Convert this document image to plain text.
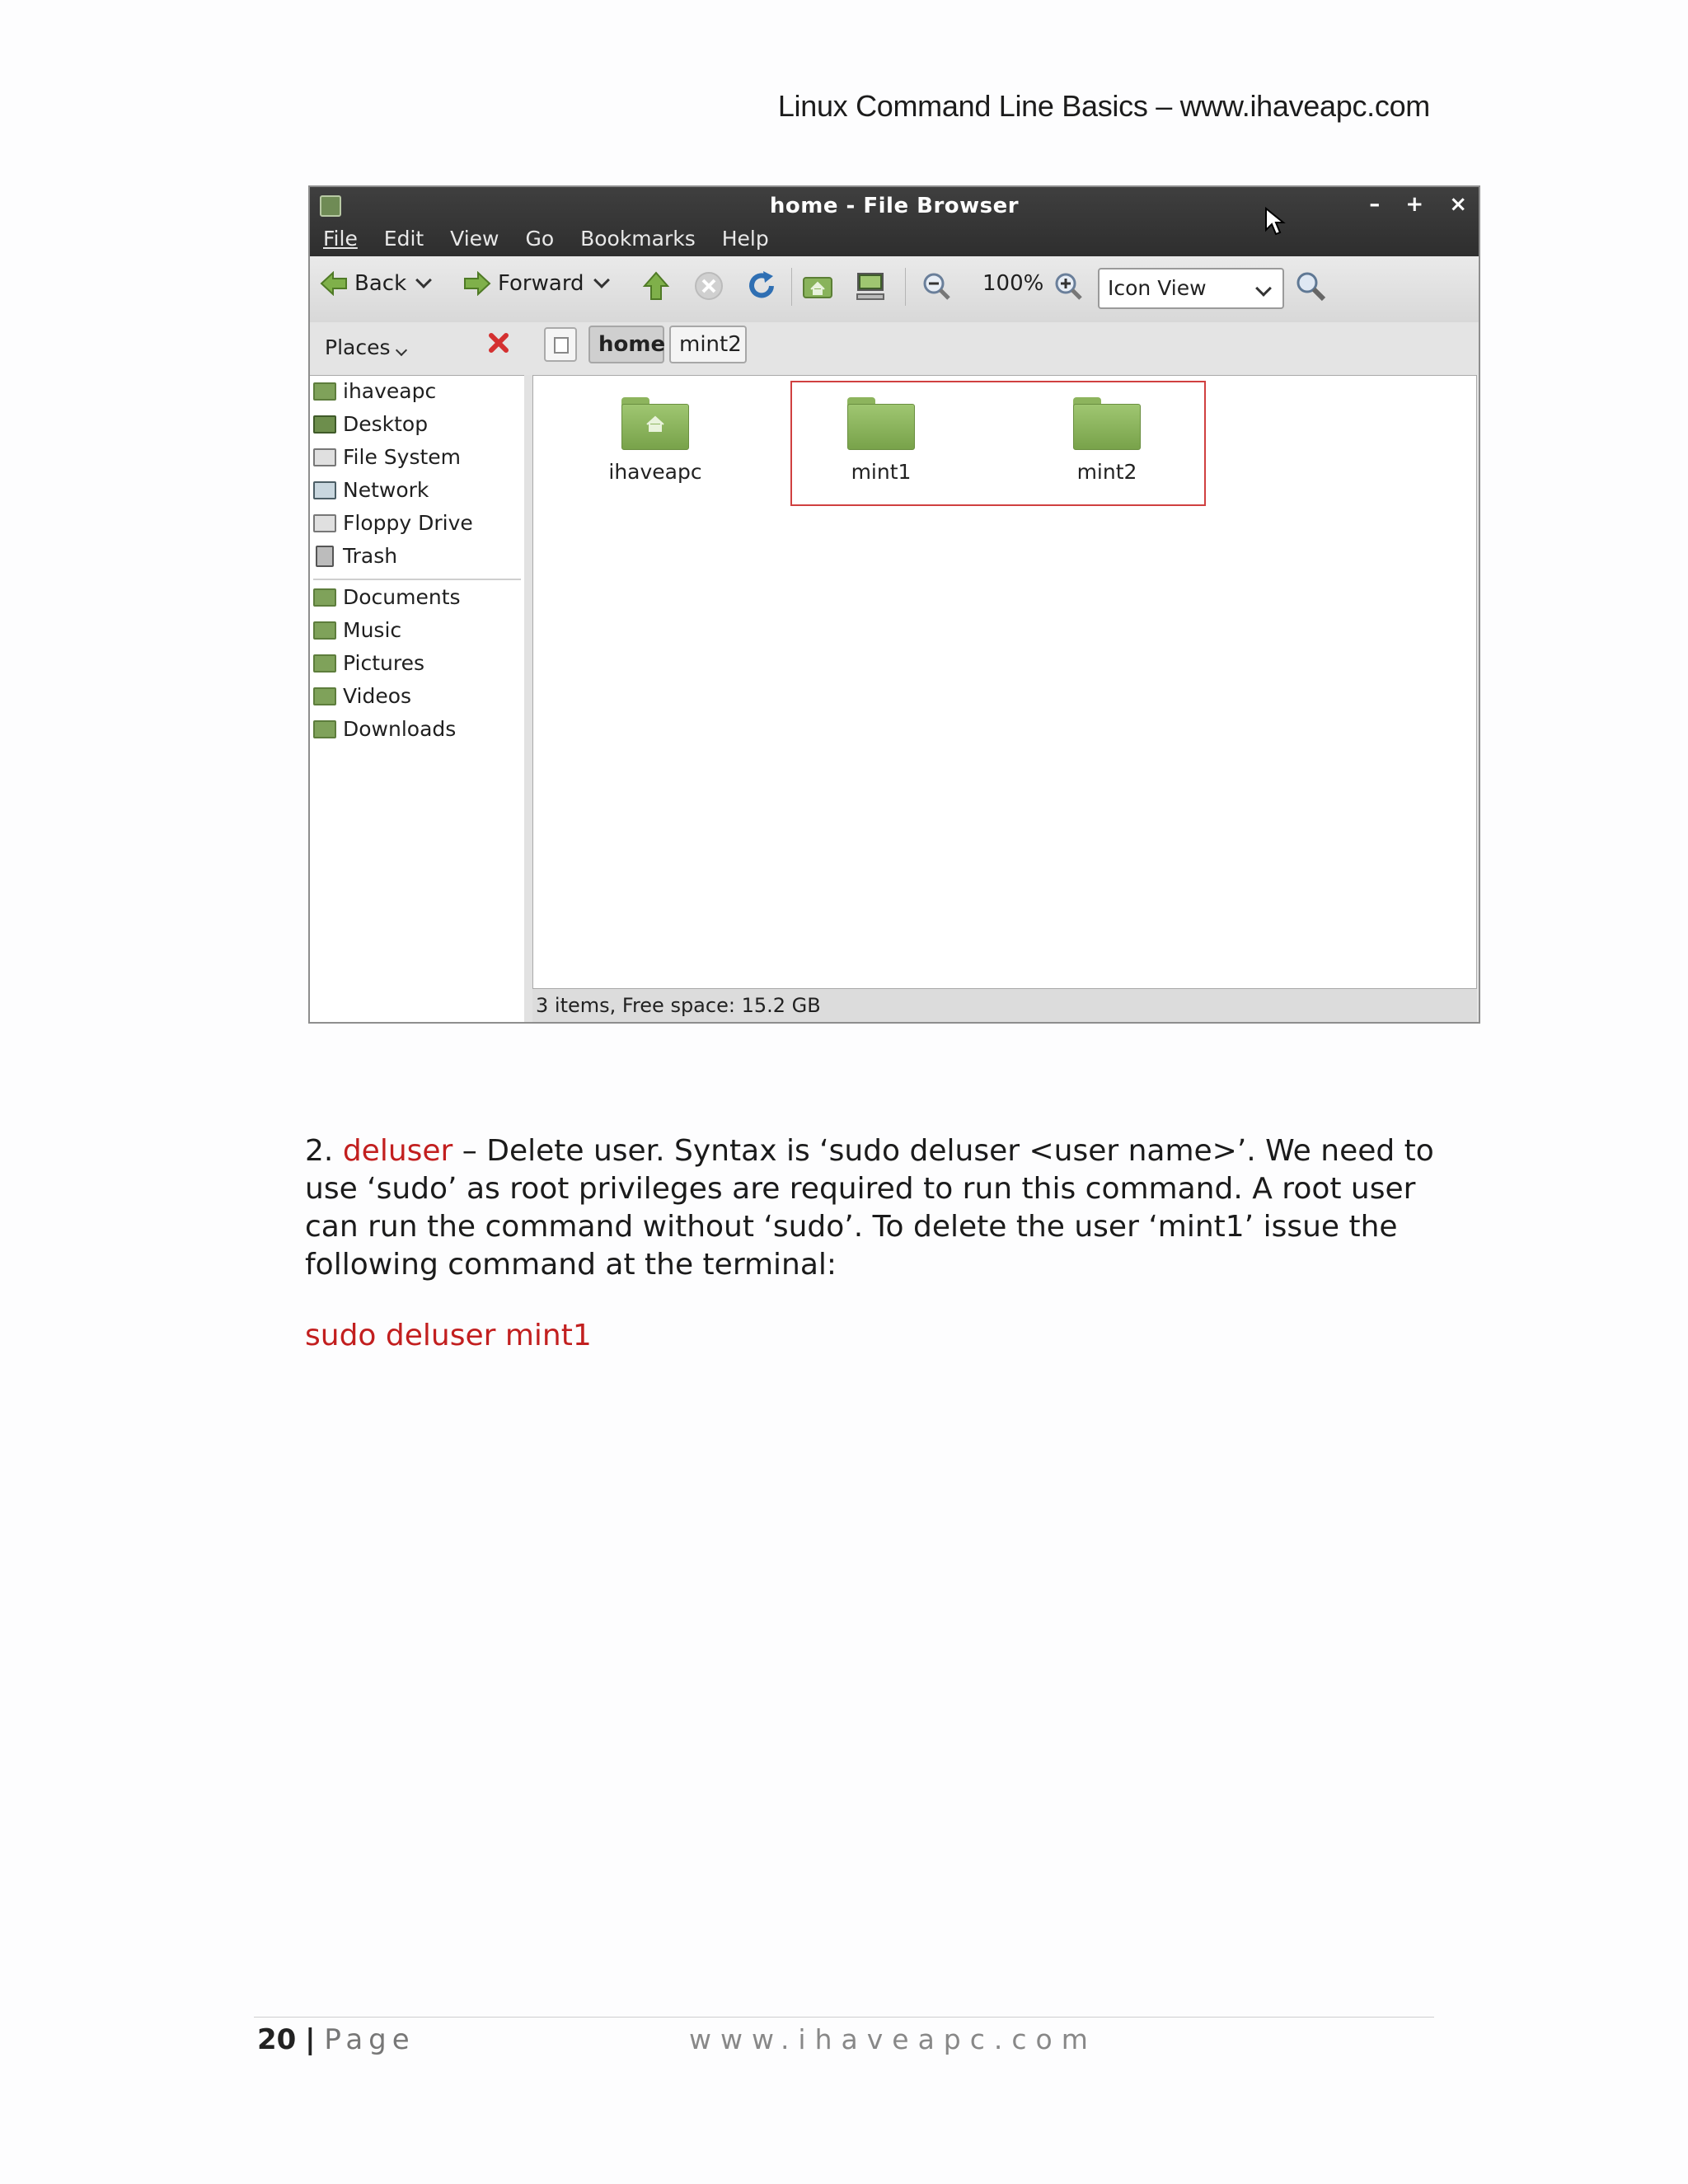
Linux Command Line Basics – www.ihaveapc.com
home - File Browser	– + ×
File Edit View Go Bookmarks Help
Back	Forward	100%	Icon View
Places	home mint2
ihaveapc
Desktop
File System
Network
Floppy Drive
Trash
Documents
Music
Pictures
Videos
Downloads
ihaveapc	mint1	mint2
3 items, Free space: 15.2 GB
2. deluser – Delete user. Syntax is ‘sudo deluser <user name>’. We need to use ‘sudo’ as root privileges are required to run this command. A root user can run the command without ‘sudo’. To delete the user ‘mint1’ issue the following command at the terminal:
sudo deluser mint1
20 | Page	www.ihaveapc.com
